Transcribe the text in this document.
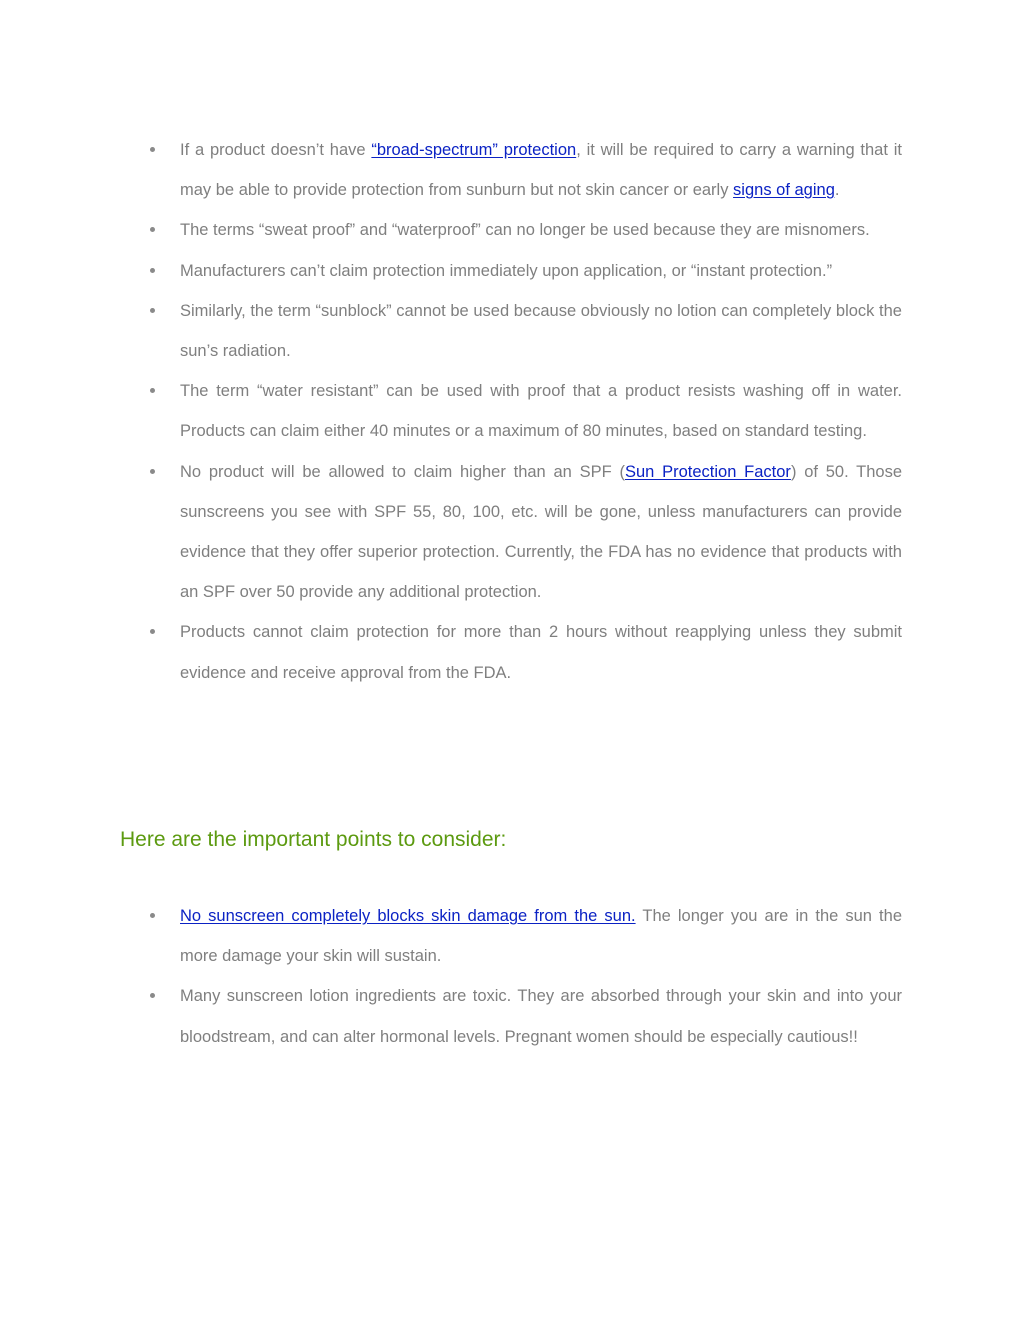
If a product doesn’t have “broad-spectrum” protection, it will be required to carry a warning that it may be able to provide protection from sunburn but not skin cancer or early signs of aging.
The terms “sweat proof” and “waterproof” can no longer be used because they are misnomers.
Manufacturers can’t claim protection immediately upon application, or “instant protection.”
Similarly, the term “sunblock” cannot be used because obviously no lotion can completely block the sun’s radiation.
The term “water resistant” can be used with proof that a product resists washing off in water. Products can claim either 40 minutes or a maximum of 80 minutes, based on standard testing.
No product will be allowed to claim higher than an SPF (Sun Protection Factor) of 50. Those sunscreens you see with SPF 55, 80, 100, etc. will be gone, unless manufacturers can provide evidence that they offer superior protection. Currently, the FDA has no evidence that products with an SPF over 50 provide any additional protection.
Products cannot claim protection for more than 2 hours without reapplying unless they submit evidence and receive approval from the FDA.
Here are the important points to consider:
No sunscreen completely blocks skin damage from the sun. The longer you are in the sun the more damage your skin will sustain.
Many sunscreen lotion ingredients are toxic. They are absorbed through your skin and into your bloodstream, and can alter hormonal levels. Pregnant women should be especially cautious!!
